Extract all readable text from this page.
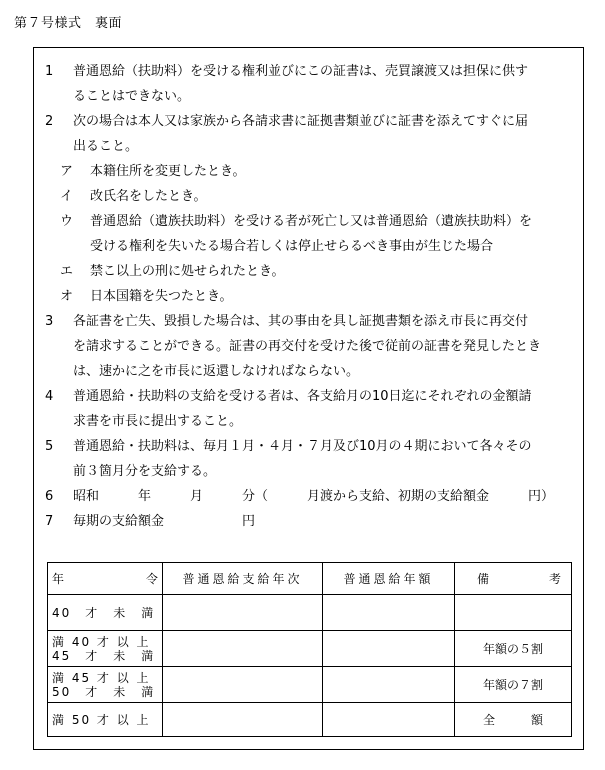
第７号様式　裏面
1 普通恩給（扶助料）を受ける権利並びにこの証書は、売買譲渡又は担保に供す
ることはできない。
2 次の場合は本人又は家族から各請求書に証拠書類並びに証書を添えてすぐに届
出ること。
ア 本籍住所を変更したとき。
イ 改氏名をしたとき。
ウ 普通恩給（遺族扶助料）を受ける者が死亡し又は普通恩給（遺族扶助料）を
受ける権利を失いたる場合若しくは停止せらるべき事由が生じた場合
エ 禁こ以上の刑に処せられたとき。
オ 日本国籍を失つたとき。
3 各証書を亡失、毀損した場合は、其の事由を具し証拠書類を添え市長に再交付
を請求することができる。証書の再交付を受けた後で従前の証書を発見したとき
は、速かに之を市長に返還しなければならない。
4 普通恩給・扶助料の支給を受ける者は、各支給月の10日迄にそれぞれの金額請
求書を市長に提出すること。
5 普通恩給・扶助料は、毎月１月・４月・７月及び10月の４期において各々その
前３箇月分を支給する。
6 昭和　　　年　　　月　　　分（　　　月渡から支給、初期の支給額金　　　円）
7 毎期の支給額金　　　　　　円
年 令	普通恩給支給年次	普通恩給年額	備 考

40　才　未　満			

満 40 才 以 上
45　才　未　満			年額の５割

満 45 才 以 上
50　才　未　満			年額の７割

満 50 才 以 上			全　　　額
